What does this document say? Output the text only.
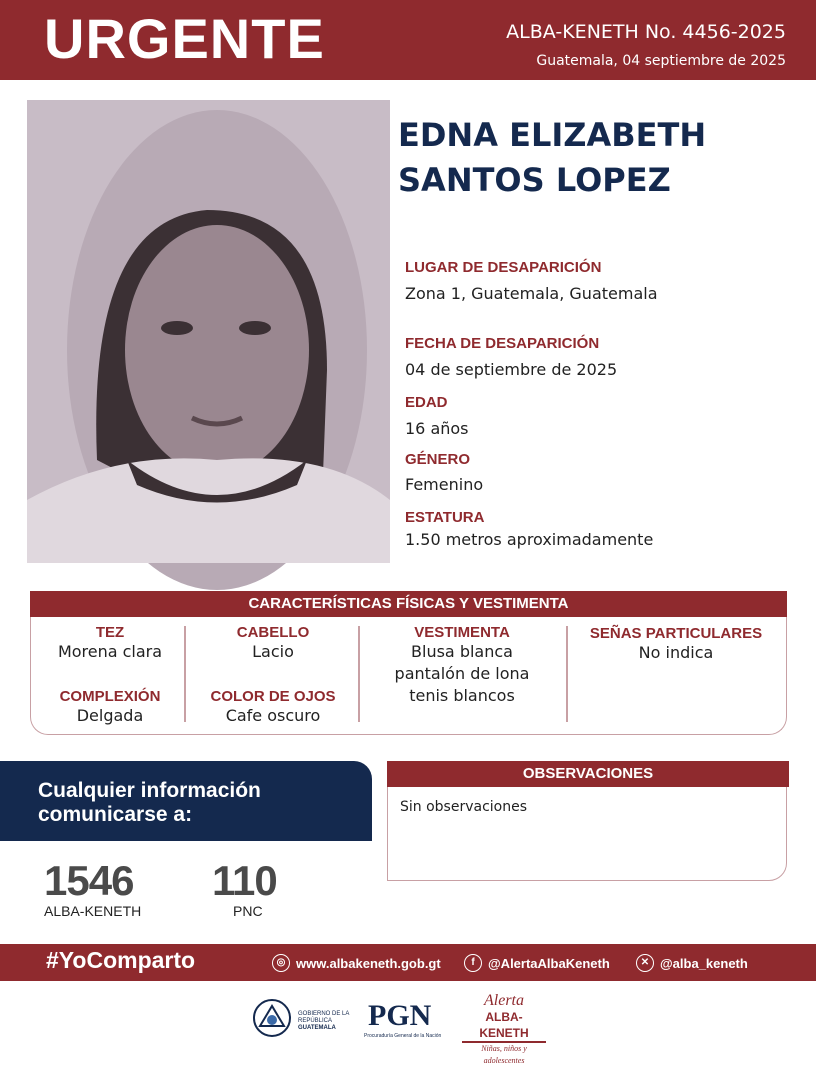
URGENTE	ALBA-KENETH No. 4456-2025
Guatemala, 04 septiembre de 2025
EDNA ELIZABETH
SANTOS LOPEZ
LUGAR DE DESAPARICIÓN
Zona 1, Guatemala, Guatemala
FECHA DE DESAPARICIÓN
04 de septiembre de 2025
EDAD
16 años
GÉNERO
Femenino
ESTATURA
1.50 metros aproximadamente
CARACTERÍSTICAS FÍSICAS Y VESTIMENTA
TEZ
Morena clara
COMPLEXIÓN
Delgada
CABELLO
Lacio
COLOR DE OJOS
Cafe oscuro
VESTIMENTA
Blusa blanca
pantalón de lona
tenis blancos
SEÑAS PARTICULARES
No indica
Cualquier información
comunicarse a:
1546
ALBA-KENETH
110
PNC
OBSERVACIONES
Sin observaciones
#YoComparto	◎ www.albakeneth.gob.gt	f	@AlertaAlbaKeneth	✕ @alba_keneth
GOBIERNO DE LA REPÚBLICA
GUATEMALA	PGN
Procuraduría General de la Nación
Alerta
ALBA-KENETH
Niñas, niños y adolescentes
